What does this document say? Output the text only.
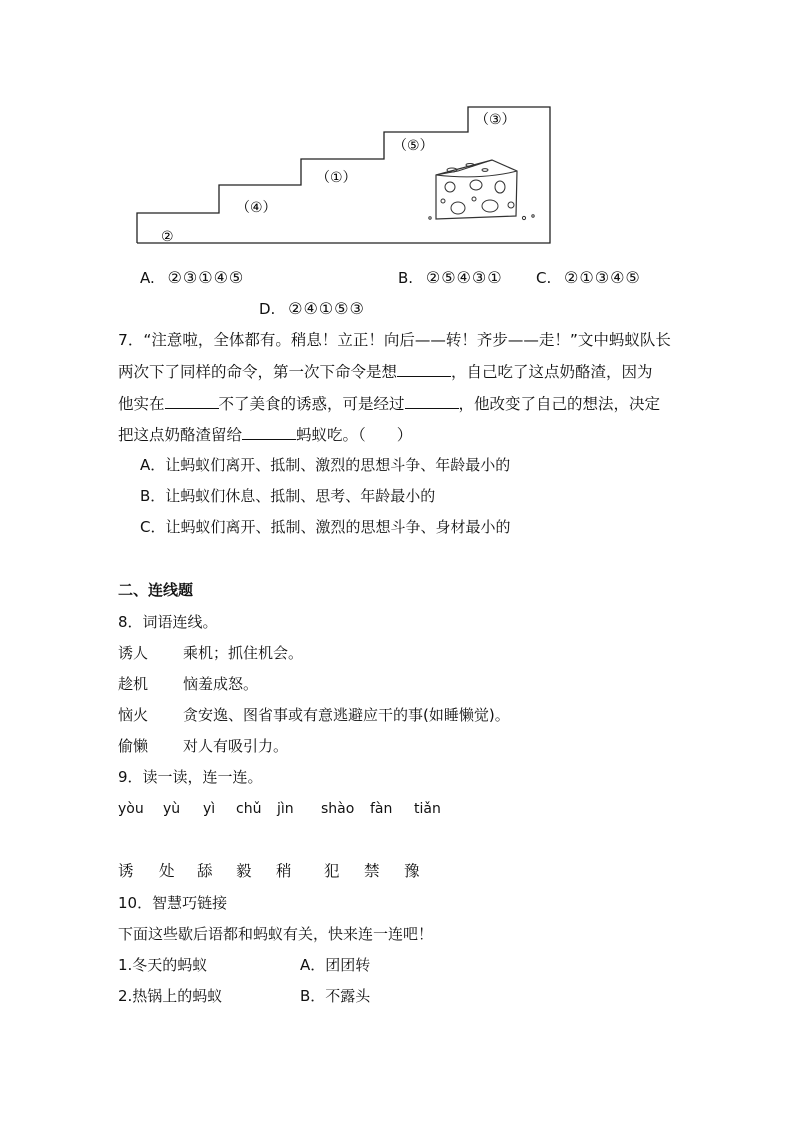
②
（④）
（①）
（⑤）
（③）
A. ②③①④⑤	B. ②⑤④③① C. ②①③④⑤
D. ②④①⑤③
7．“注意啦，全体都有。稍息！立正！向后——转！齐步——走！”文中蚂蚁队长
两次下了同样的命令，第一次下命令是想	，自己吃了这点奶酪渣，因为
他实在	不了美食的诱惑，可是经过	，他改变了自己的想法，决定
把这点奶酪渣留给	蚂蚁吃。（　　）
A．让蚂蚁们离开、抵制、激烈的思想斗争、年龄最小的
B．让蚂蚁们休息、抵制、思考、年龄最小的
C．让蚂蚁们离开、抵制、激烈的思想斗争、身材最小的
二、连线题
8．词语连线。
诱人 乘机；抓住机会。
趁机 恼羞成怒。
恼火 贪安逸、图省事或有意逃避应干的事(如睡懒觉)。
偷懒 对人有吸引力。
9．读一读，连一连。
yòu yù yì chǔ jìn shào fàn tiǎn
诱 处 舔 毅 稍 犯 禁 豫
10．智慧巧链接
下面这些歇后语都和蚂蚁有关，快来连一连吧！
1.冬天的蚂蚁	A．团团转
2.热锅上的蚂蚁	B．不露头
